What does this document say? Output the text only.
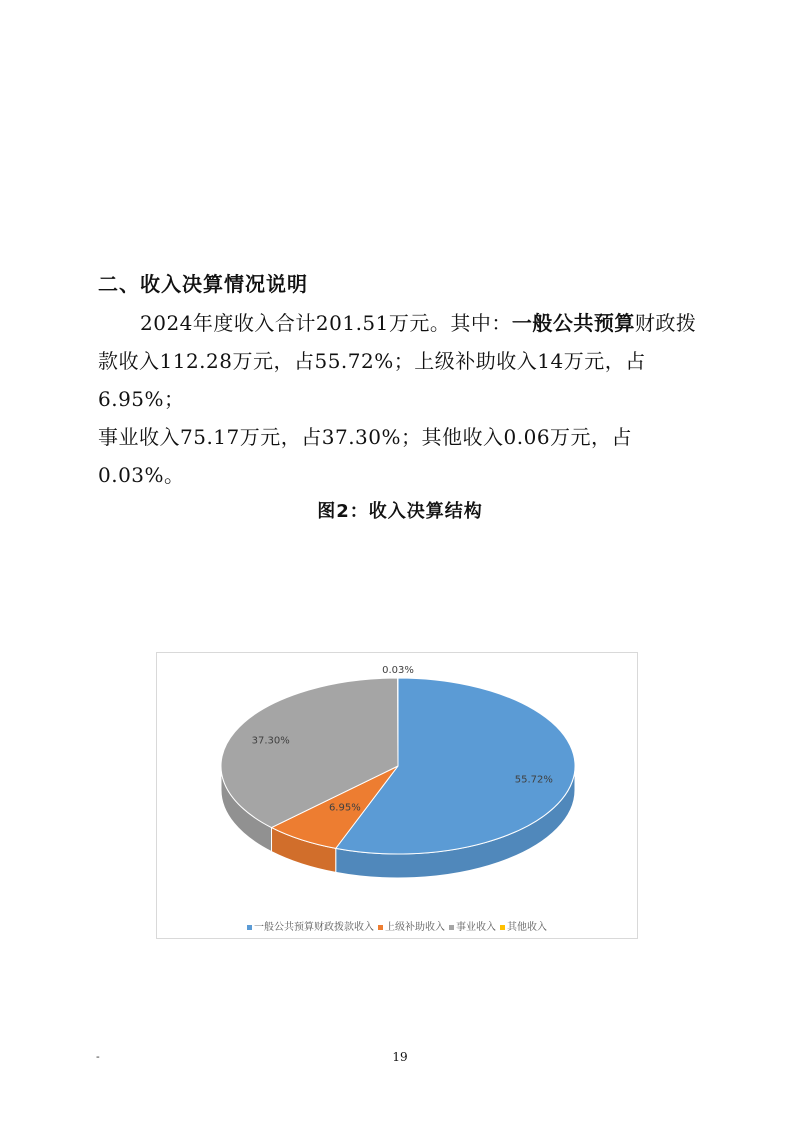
二、收入决算情况说明

2024年度收入合计201.51万元。其中：一般公共预算财政拨
款收入112.28万元，占55.72%；上级补助收入14万元，占6.95%；
事业收入75.17万元，占37.30%；其他收入0.06万元，占0.03%。

图2：收入决算结构
55.72%
6.95%
37.30%
0.03%
一般公共预算财政拨款收入 上级补助收入 事业收入 其他收入
-	19
